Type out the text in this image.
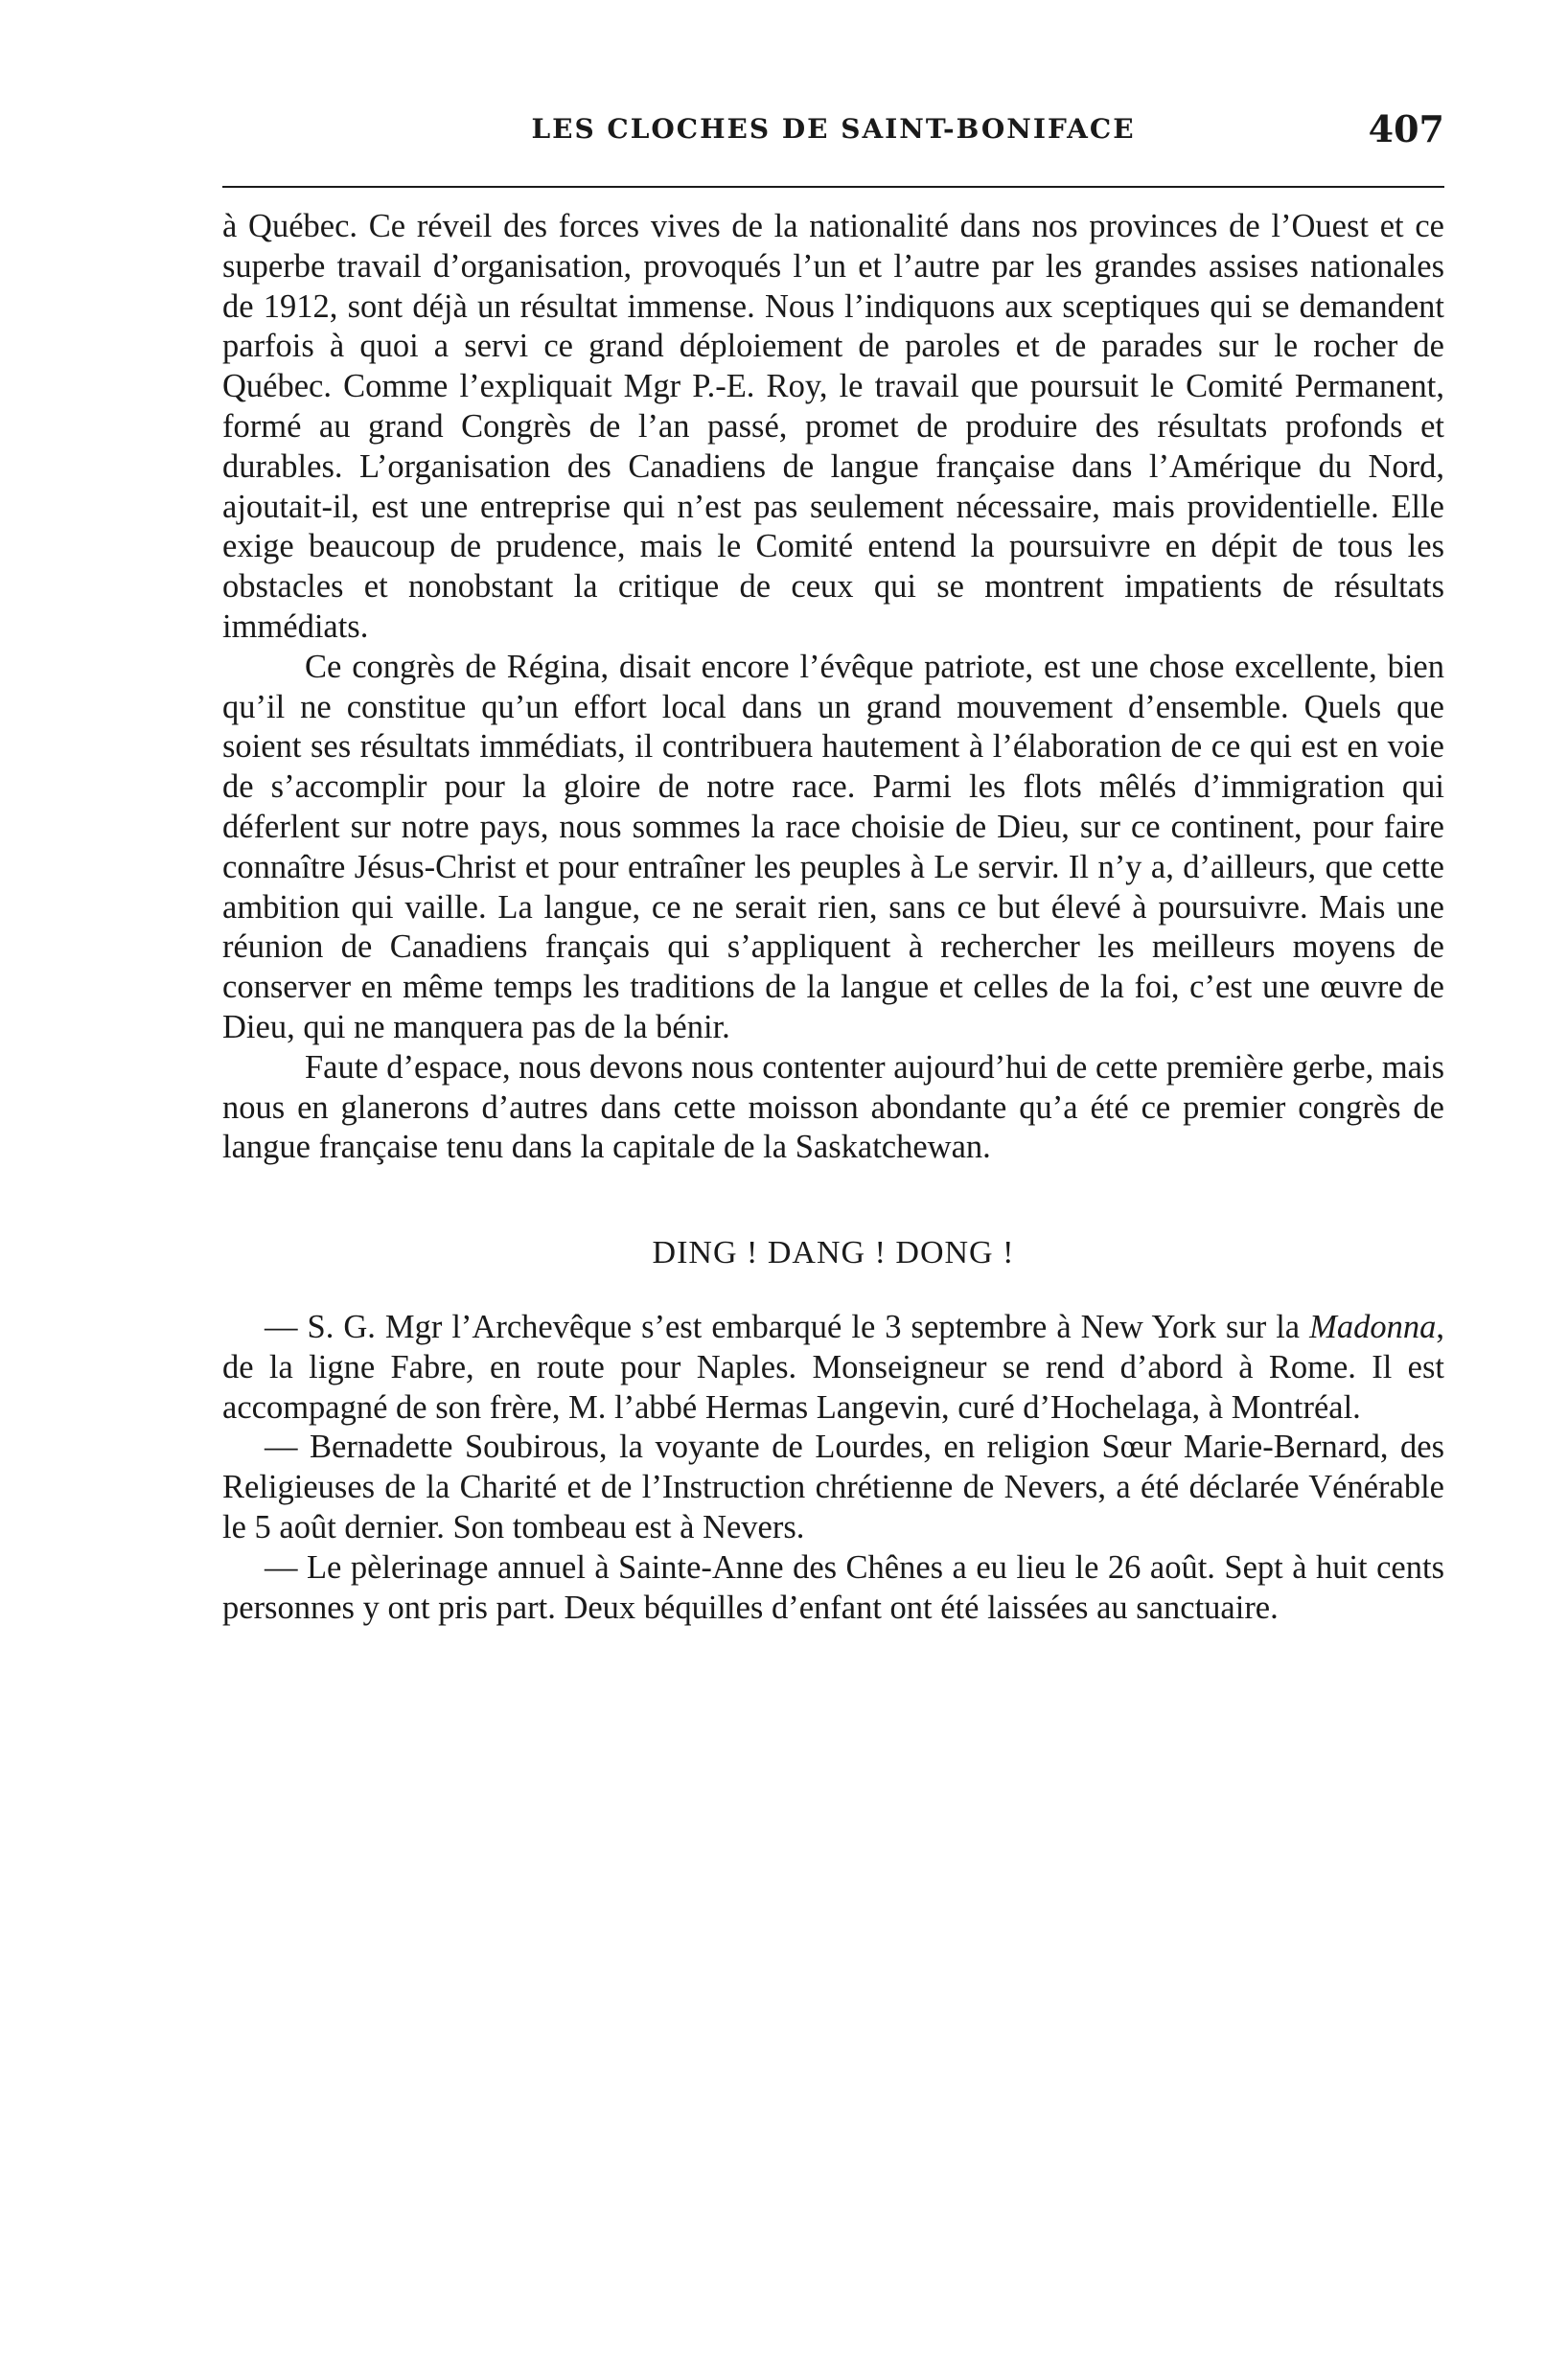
LES CLOCHES DE SAINT-BONIFACE	407

à Québec. Ce réveil des forces vives de la nationalité dans nos provinces de l’Ouest et ce superbe travail d’organisation, provoqués l’un et l’autre par les grandes assises nationales de 1912, sont déjà un résultat immense. Nous l’indiquons aux sceptiques qui se demandent parfois à quoi a servi ce grand déploiement de paroles et de parades sur le rocher de Québec. Comme l’expliquait Mgr P.-E. Roy, le travail que poursuit le Comité Permanent, formé au grand Congrès de l’an passé, promet de produire des résultats profonds et durables. L’organisation des Canadiens de langue française dans l’Amérique du Nord, ajoutait-il, est une entreprise qui n’est pas seulement nécessaire, mais providentielle. Elle exige beaucoup de prudence, mais le Comité entend la poursuivre en dépit de tous les obstacles et nonobstant la critique de ceux qui se montrent impatients de résultats immédiats.

Ce congrès de Régina, disait encore l’évêque patriote, est une chose excellente, bien qu’il ne constitue qu’un effort local dans un grand mouvement d’ensemble. Quels que soient ses résultats immédiats, il contribuera hautement à l’élaboration de ce qui est en voie de s’accomplir pour la gloire de notre race. Parmi les flots mêlés d’immigration qui déferlent sur notre pays, nous sommes la race choisie de Dieu, sur ce continent, pour faire connaître Jésus-Christ et pour entraîner les peuples à Le servir. Il n’y a, d’ailleurs, que cette ambition qui vaille. La langue, ce ne serait rien, sans ce but élevé à poursuivre. Mais une réunion de Canadiens français qui s’appliquent à rechercher les meilleurs moyens de conserver en même temps les traditions de la langue et celles de la foi, c’est une œuvre de Dieu, qui ne manquera pas de la bénir.

Faute d’espace, nous devons nous contenter aujourd’hui de cette première gerbe, mais nous en glanerons d’autres dans cette moisson abondante qu’a été ce premier congrès de langue française tenu dans la capitale de la Saskatchewan.

DING ! DANG ! DONG !

— S. G. Mgr l’Archevêque s’est embarqué le 3 septembre à New York sur la Madonna, de la ligne Fabre, en route pour Naples. Monseigneur se rend d’abord à Rome. Il est accompagné de son frère, M. l’abbé Hermas Langevin, curé d’Hochelaga, à Montréal.

— Bernadette Soubirous, la voyante de Lourdes, en religion Sœur Marie-Bernard, des Religieuses de la Charité et de l’Instruction chrétienne de Nevers, a été déclarée Vénérable le 5 août dernier. Son tombeau est à Nevers.

— Le pèlerinage annuel à Sainte-Anne des Chênes a eu lieu le 26 août. Sept à huit cents personnes y ont pris part. Deux béquilles d’enfant ont été laissées au sanctuaire.
